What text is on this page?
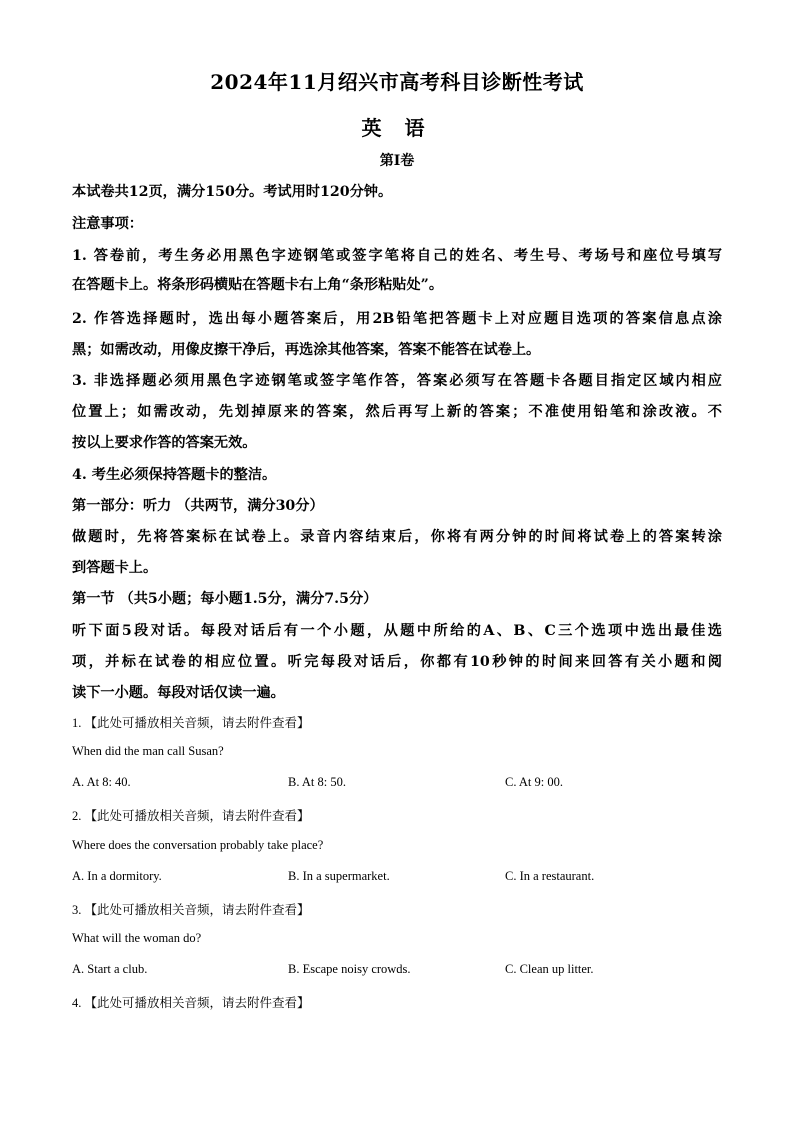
2024年11月绍兴市高考科目诊断性考试
英 语
第Ⅰ卷
本试卷共12页，满分150分。考试用时120分钟。
注意事项：
1. 答卷前，考生务必用黑色字迹钢笔或签字笔将自己的姓名、考生号、考场号和座位号填写
在答题卡上。将条形码横贴在答题卡右上角“条形粘贴处”。
2. 作答选择题时，选出每小题答案后，用2B铅笔把答题卡上对应题目选项的答案信息点涂
黑；如需改动，用像皮擦干净后，再选涂其他答案，答案不能答在试卷上。
3. 非选择题必须用黑色字迹钢笔或签字笔作答，答案必须写在答题卡各题目指定区域内相应
位置上；如需改动，先划掉原来的答案，然后再写上新的答案；不准使用铅笔和涂改液。不
按以上要求作答的答案无效。
4. 考生必须保持答题卡的整洁。
第一部分：听力 （共两节，满分30分）
做题时，先将答案标在试卷上。录音内容结束后，你将有两分钟的时间将试卷上的答案转涂
到答题卡上。
第一节 （共5小题；每小题1.5分，满分7.5分）
听下面5段对话。每段对话后有一个小题，从题中所给的A、B、C三个选项中选出最佳选
项，并标在试卷的相应位置。听完每段对话后，你都有10秒钟的时间来回答有关小题和阅
读下一小题。每段对话仅读一遍。
1. 【此处可播放相关音频，请去附件查看】
When did the man call Susan?
A. At 8: 40.	B. At 8: 50.	C. At 9: 00.
2. 【此处可播放相关音频，请去附件查看】
Where does the conversation probably take place?
A. In a dormitory.	B. In a supermarket.	C. In a restaurant.
3. 【此处可播放相关音频，请去附件查看】
What will the woman do?
A. Start a club.	B. Escape noisy crowds.	C. Clean up litter.
4. 【此处可播放相关音频，请去附件查看】
